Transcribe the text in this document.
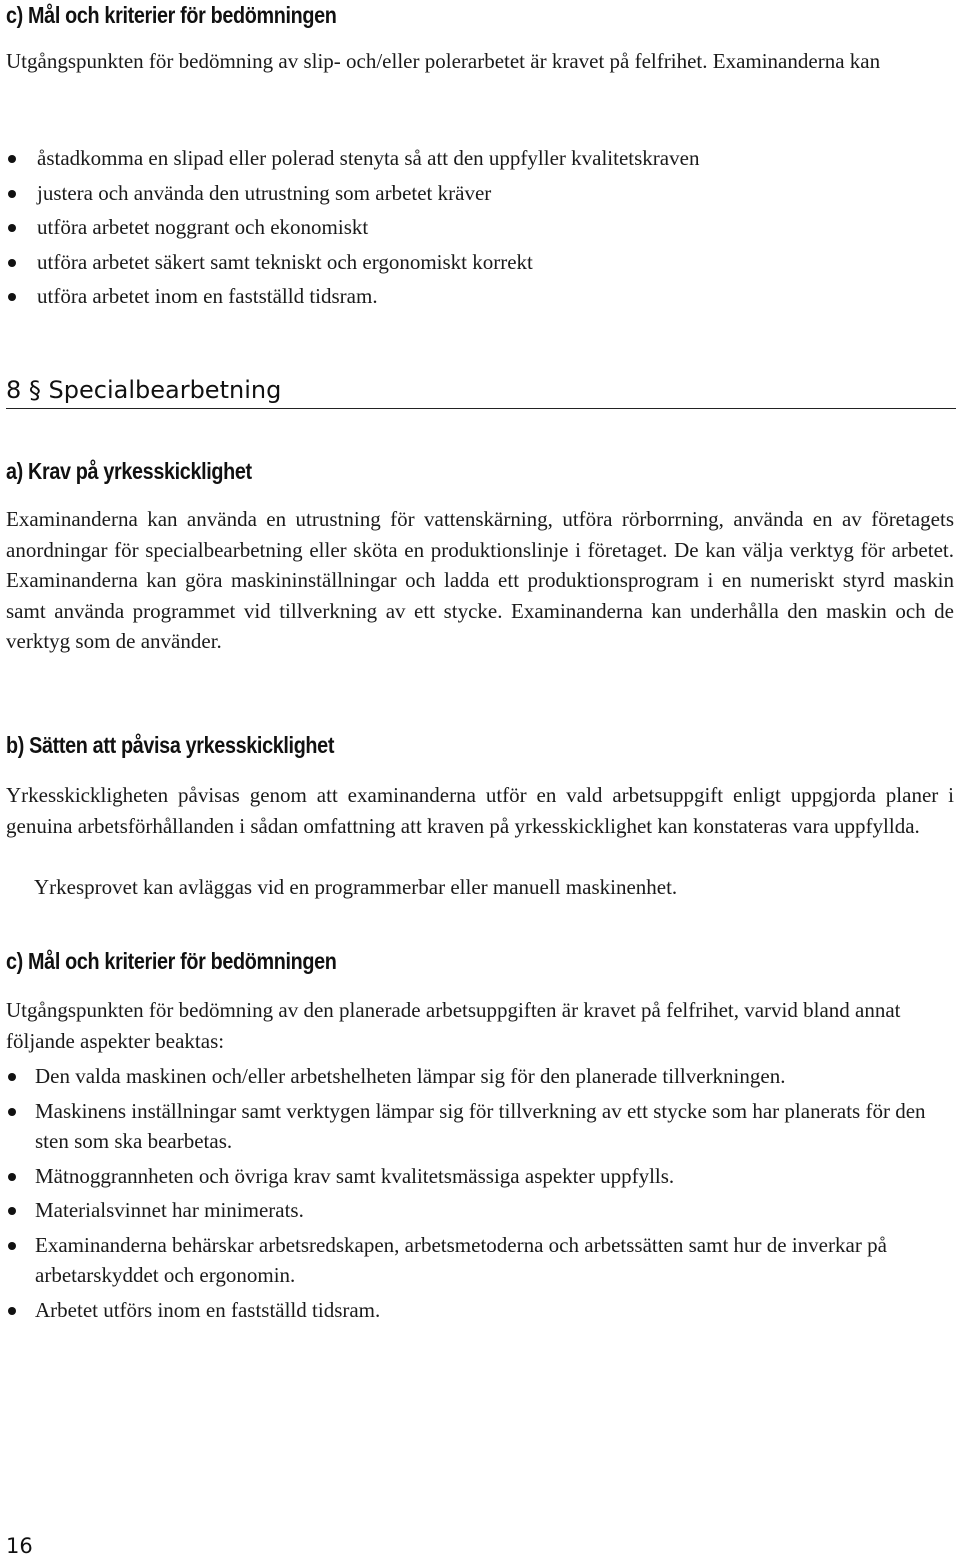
c) Mål och kriterier för bedömningen

Utgångspunkten för bedömning av slip- och/eller polerarbetet är kravet på felfrihet. Examinanderna kan

åstadkomma en slipad eller polerad stenyta så att den uppfyller kvalitetskraven
justera och använda den utrustning som arbetet kräver
utföra arbetet noggrant och ekonomiskt
utföra arbetet säkert samt tekniskt och ergonomiskt korrekt
utföra arbetet inom en fastställd tidsram.
8 § Specialbearbetning
a) Krav på yrkesskicklighet

Examinanderna kan använda en utrustning för vattenskärning, utföra rörborrning, använda en av företagets anordningar för specialbearbetning eller sköta en produktionslinje i företaget. De kan välja verktyg för arbetet. Examinanderna kan göra maskininställningar och ladda ett produktionsprogram i en numeriskt styrd maskin samt använda programmet vid tillverkning av ett stycke. Examinanderna kan underhålla den maskin och de verktyg som de använder.

b) Sätten att påvisa yrkesskicklighet

Yrkesskickligheten påvisas genom att examinanderna utför en vald arbetsuppgift enligt uppgjorda planer i genuina arbetsförhållanden i sådan omfattning att kraven på yrkesskicklighet kan konstateras vara uppfyllda.

Yrkesprovet kan avläggas vid en programmerbar eller manuell maskinenhet.

c) Mål och kriterier för bedömningen

Utgångspunkten för bedömning av den planerade arbetsuppgiften är kravet på felfrihet, varvid bland annat följande aspekter beaktas:

Den valda maskinen och/eller arbetshelheten lämpar sig för den planerade tillverkningen.
Maskinens inställningar samt verktygen lämpar sig för tillverkning av ett stycke som har planerats för den sten som ska bearbetas.
Mätnoggrannheten och övriga krav samt kvalitetsmässiga aspekter uppfylls.
Materialsvinnet har minimerats.
Examinanderna behärskar arbetsredskapen, arbetsmetoderna och arbetssätten samt hur de inverkar på arbetarskyddet och ergonomin.
Arbetet utförs inom en fastställd tidsram.
16
